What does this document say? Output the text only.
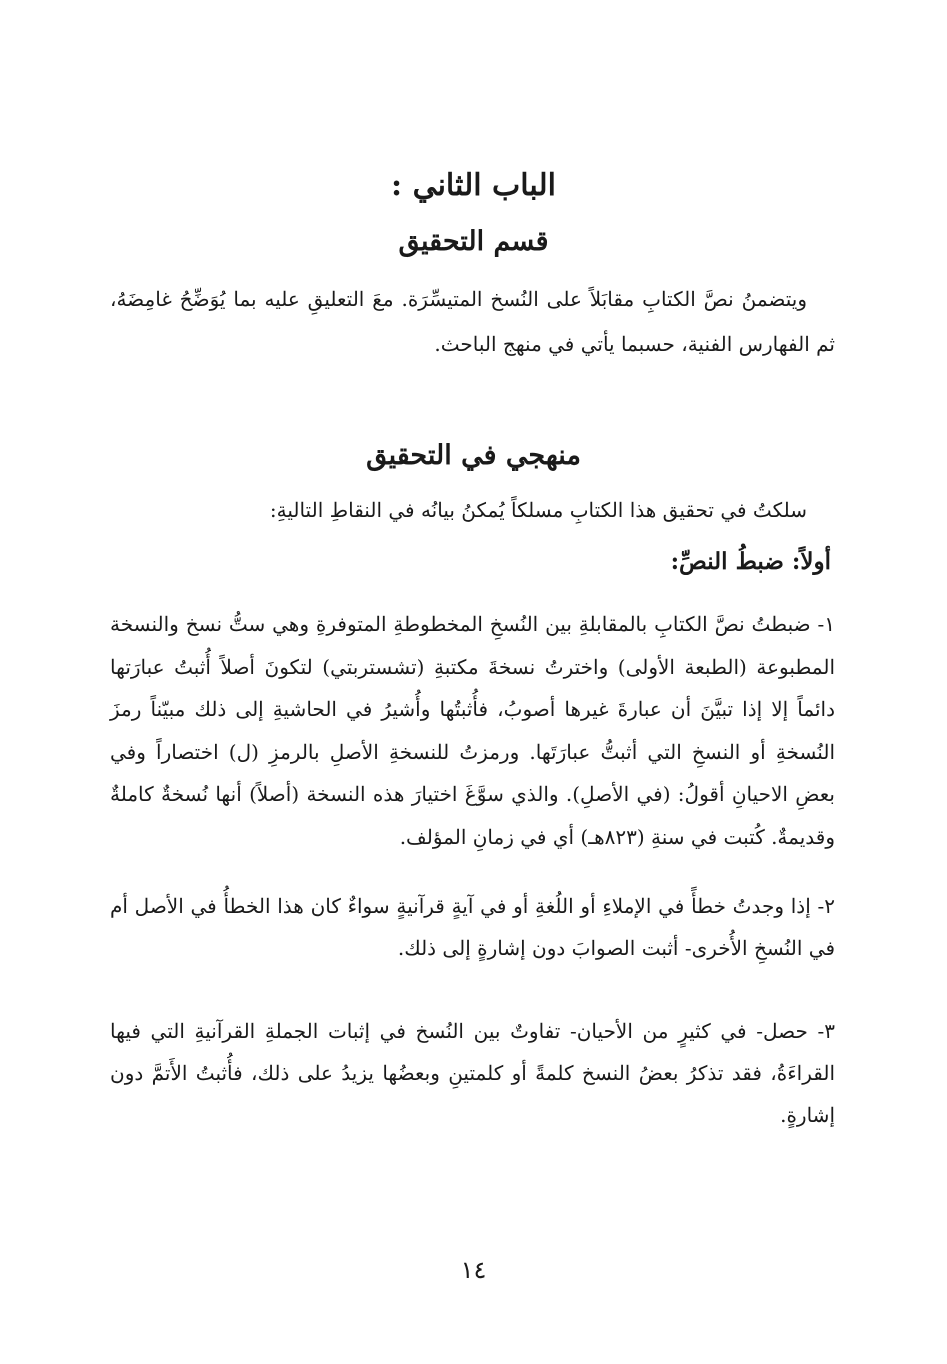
الباب الثاني :
قسم التحقيق

ويتضمنُ نصَّ الكتابِ مقابَلاً على النُسخ المتيسِّرَة. معَ التعليقِ عليه بما يُوَضِّحُ غامِضَهُ، ثم الفهارس الفنية، حسبما يأتي في منهج الباحث.

منهجي في التحقيق

سلكتُ في تحقيق هذا الكتابِ مسلكاً يُمكنُ بيانُه في النقاطِ التاليةِ:

أولاً: ضبطُ النصِّ:

١- ضبطتُ نصَّ الكتابِ بالمقابلةِ بين النُسخِ المخطوطةِ المتوفرةِ وهي ستُّ نسخ والنسخة المطبوعة (الطبعة الأولى) واخترتُ نسخةَ مكتبةِ (تشستربتي) لتكونَ أصلاً أُثبتُ عبارَتها دائماً إلا إذا تبيَّنَ أن عبارةَ غيرها أصوبُ، فأُثبتُها وأُشيرُ في الحاشيةِ إلى ذلك مبيّناً رمزَ النُسخةِ أو النسخِ التي أثبتُّ عبارَتَها. ورمزتُ للنسخةِ الأصلِ بالرمزِ (ل) اختصاراً وفي بعضِ الاحيانِ أقولُ: (في الأصلِ). والذي سوَّغَ اختيارَ هذه النسخة (أصلاً) أنها نُسخةٌ كاملةٌ وقديمةٌ. كُتبت في سنةِ (٨٢٣هـ) أي في زمانِ المؤلف.

٢- إذا وجدتُ خطأً في الإملاءِ أو اللُغةِ أو في آيةٍ قرآنيةٍ سواءٌ كان هذا الخطأُ في الأصل أم في النُسخِ الأُخرى- أثبت الصوابَ دون إشارةٍ إلى ذلك.

٣- حصل- في كثيرٍ من الأحيان- تفاوتٌ بين النُسخ في إثبات الجملةِ القرآنيةِ التي فيها القراءَةُ، فقد تذكرُ بعضُ النسخ كلمةً أو كلمتينِ وبعضُها يزيدُ على ذلك، فأُثبتُ الأَتمَّ دون إشارةٍ.

١٤
